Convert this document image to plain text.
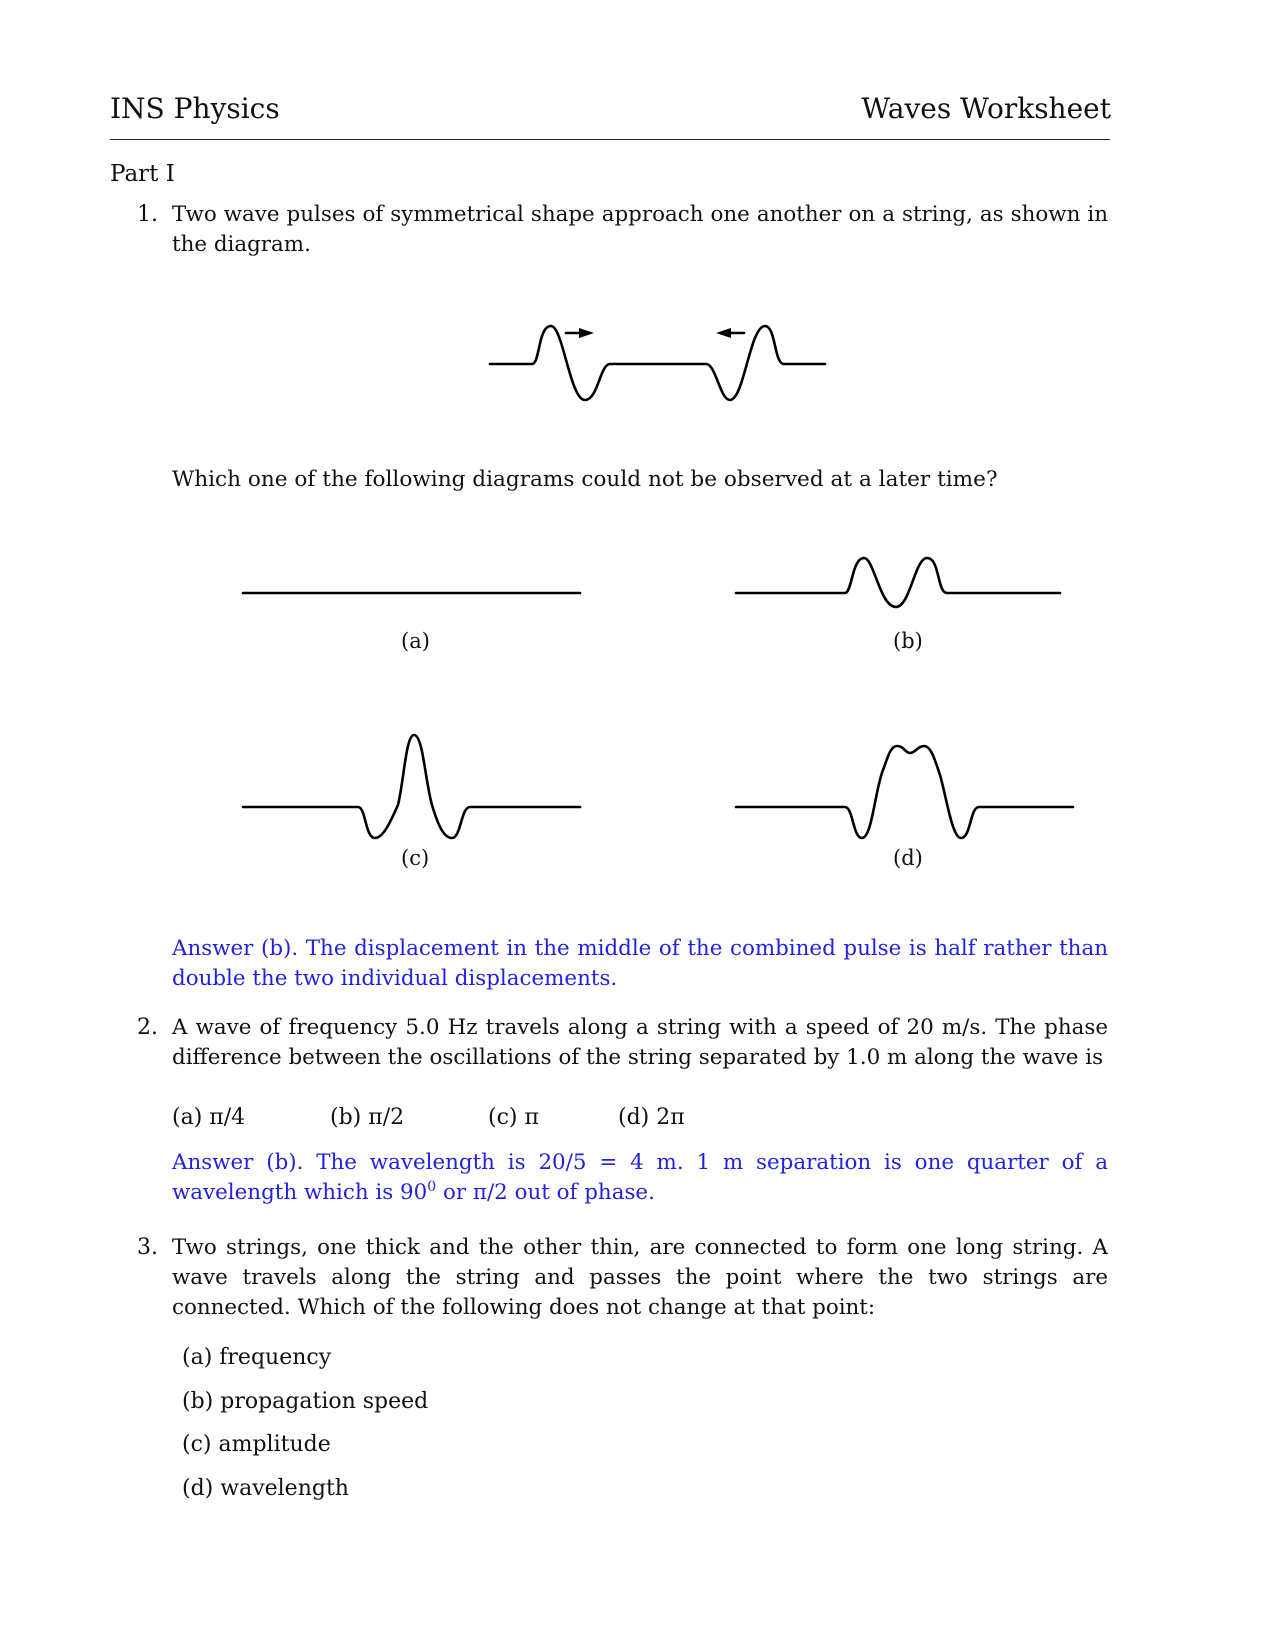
INS Physics	Waves Worksheet
Part I
1. Two wave pulses of symmetrical shape approach one another on a string, as shown in the diagram.
Which one of the following diagrams could not be observed at a later time?
(a)	(b)
(c)	(d)
Answer (b). The displacement in the middle of the combined pulse is half rather than double the two individual displacements.
2. A wave of frequency 5.0 Hz travels along a string with a speed of 20 m/s. The phase difference between the oscillations of the string separated by 1.0 m along the wave is
(a) π/4	(b) π/2	(c) π	(d) 2π
Answer (b). The wavelength is 20/5 = 4 m. 1 m separation is one quarter of a wavelength which is $90^0$ or π/2 out of phase.
3. Two strings, one thick and the other thin, are connected to form one long string. A wave travels along the string and passes the point where the two strings are connected. Which of the following does not change at that point:
(a) frequency
(b) propagation speed
(c) amplitude
(d) wavelength
